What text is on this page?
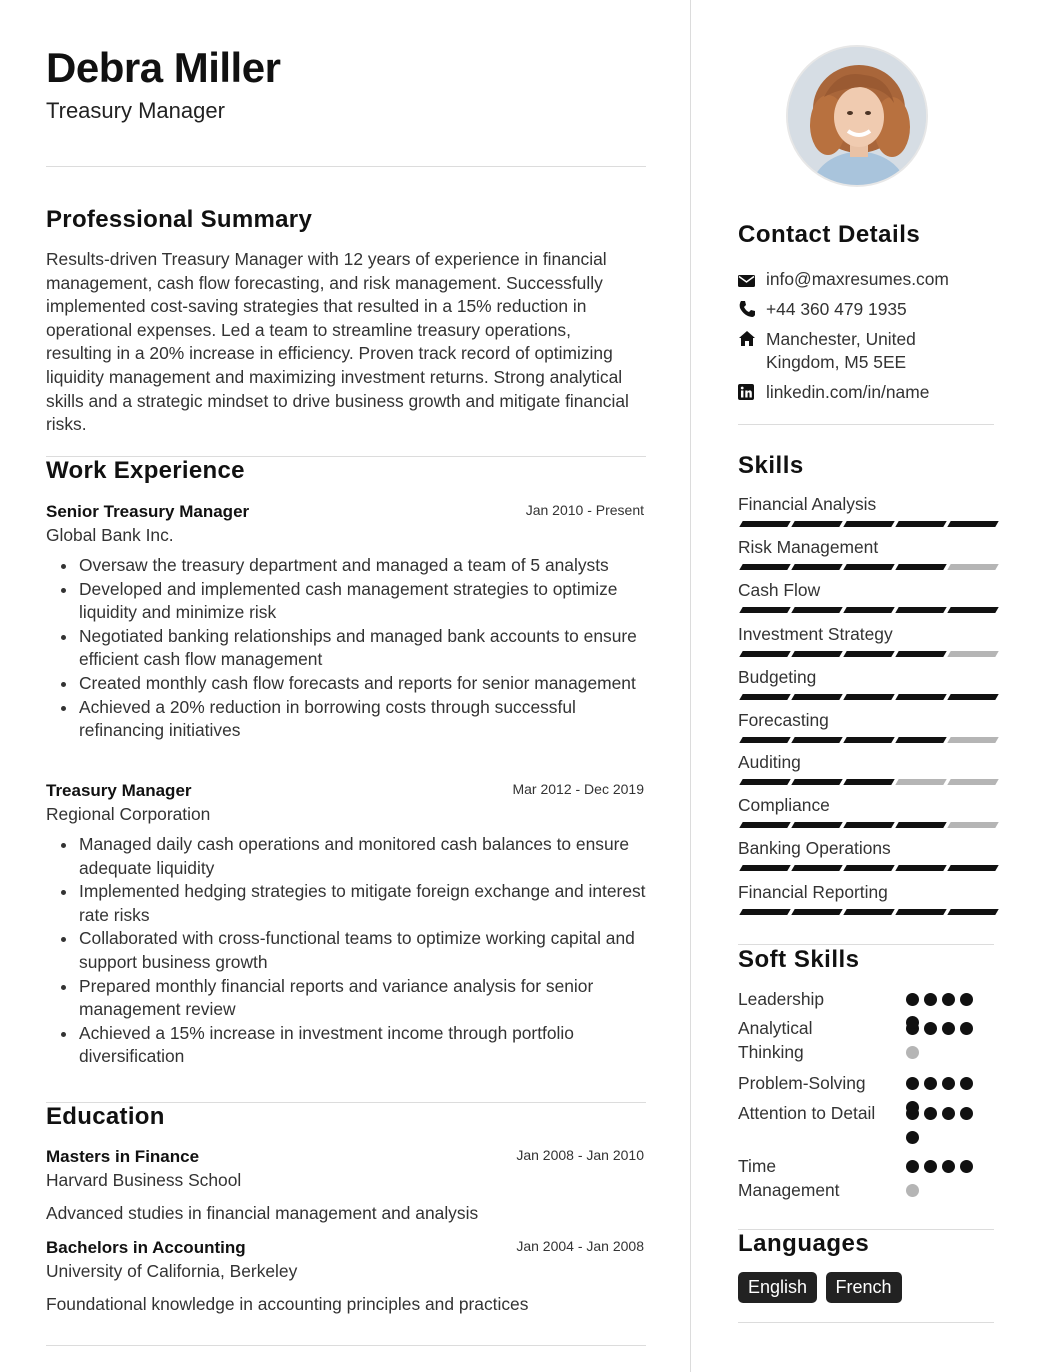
Debra Miller
Treasury Manager
Professional Summary
Results-driven Treasury Manager with 12 years of experience in financial management, cash flow forecasting, and risk management. Successfully implemented cost-saving strategies that resulted in a 15% reduction in operational expenses. Led a team to streamline treasury operations, resulting in a 20% increase in efficiency. Proven track record of optimizing liquidity management and maximizing investment returns. Strong analytical skills and a strategic mindset to drive business growth and mitigate financial risks.
Work Experience
Senior Treasury Manager	Jan 2010 - Present
Global Bank Inc.
Oversaw the treasury department and managed a team of 5 analysts
Developed and implemented cash management strategies to optimize liquidity and minimize risk
Negotiated banking relationships and managed bank accounts to ensure efficient cash flow management
Created monthly cash flow forecasts and reports for senior management
Achieved a 20% reduction in borrowing costs through successful refinancing initiatives
Treasury Manager	Mar 2012 - Dec 2019
Regional Corporation
Managed daily cash operations and monitored cash balances to ensure adequate liquidity
Implemented hedging strategies to mitigate foreign exchange and interest rate risks
Collaborated with cross-functional teams to optimize working capital and support business growth
Prepared monthly financial reports and variance analysis for senior management review
Achieved a 15% increase in investment income through portfolio diversification
Education
Masters in Finance	Jan 2008 - Jan 2010
Harvard Business School
Advanced studies in financial management and analysis
Bachelors in Accounting	Jan 2004 - Jan 2008
University of California, Berkeley
Foundational knowledge in accounting principles and practices
Contact Details
info@maxresumes.com
+44 360 479 1935
Manchester, United Kingdom, M5 5EE
linkedin.com/in/name
Skills
Financial Analysis
Risk Management
Cash Flow
Investment Strategy
Budgeting
Forecasting
Auditing
Compliance
Banking Operations
Financial Reporting
Soft Skills
Leadership
Analytical Thinking
Problem-Solving
Attention to Detail
Time Management
Languages
English French
